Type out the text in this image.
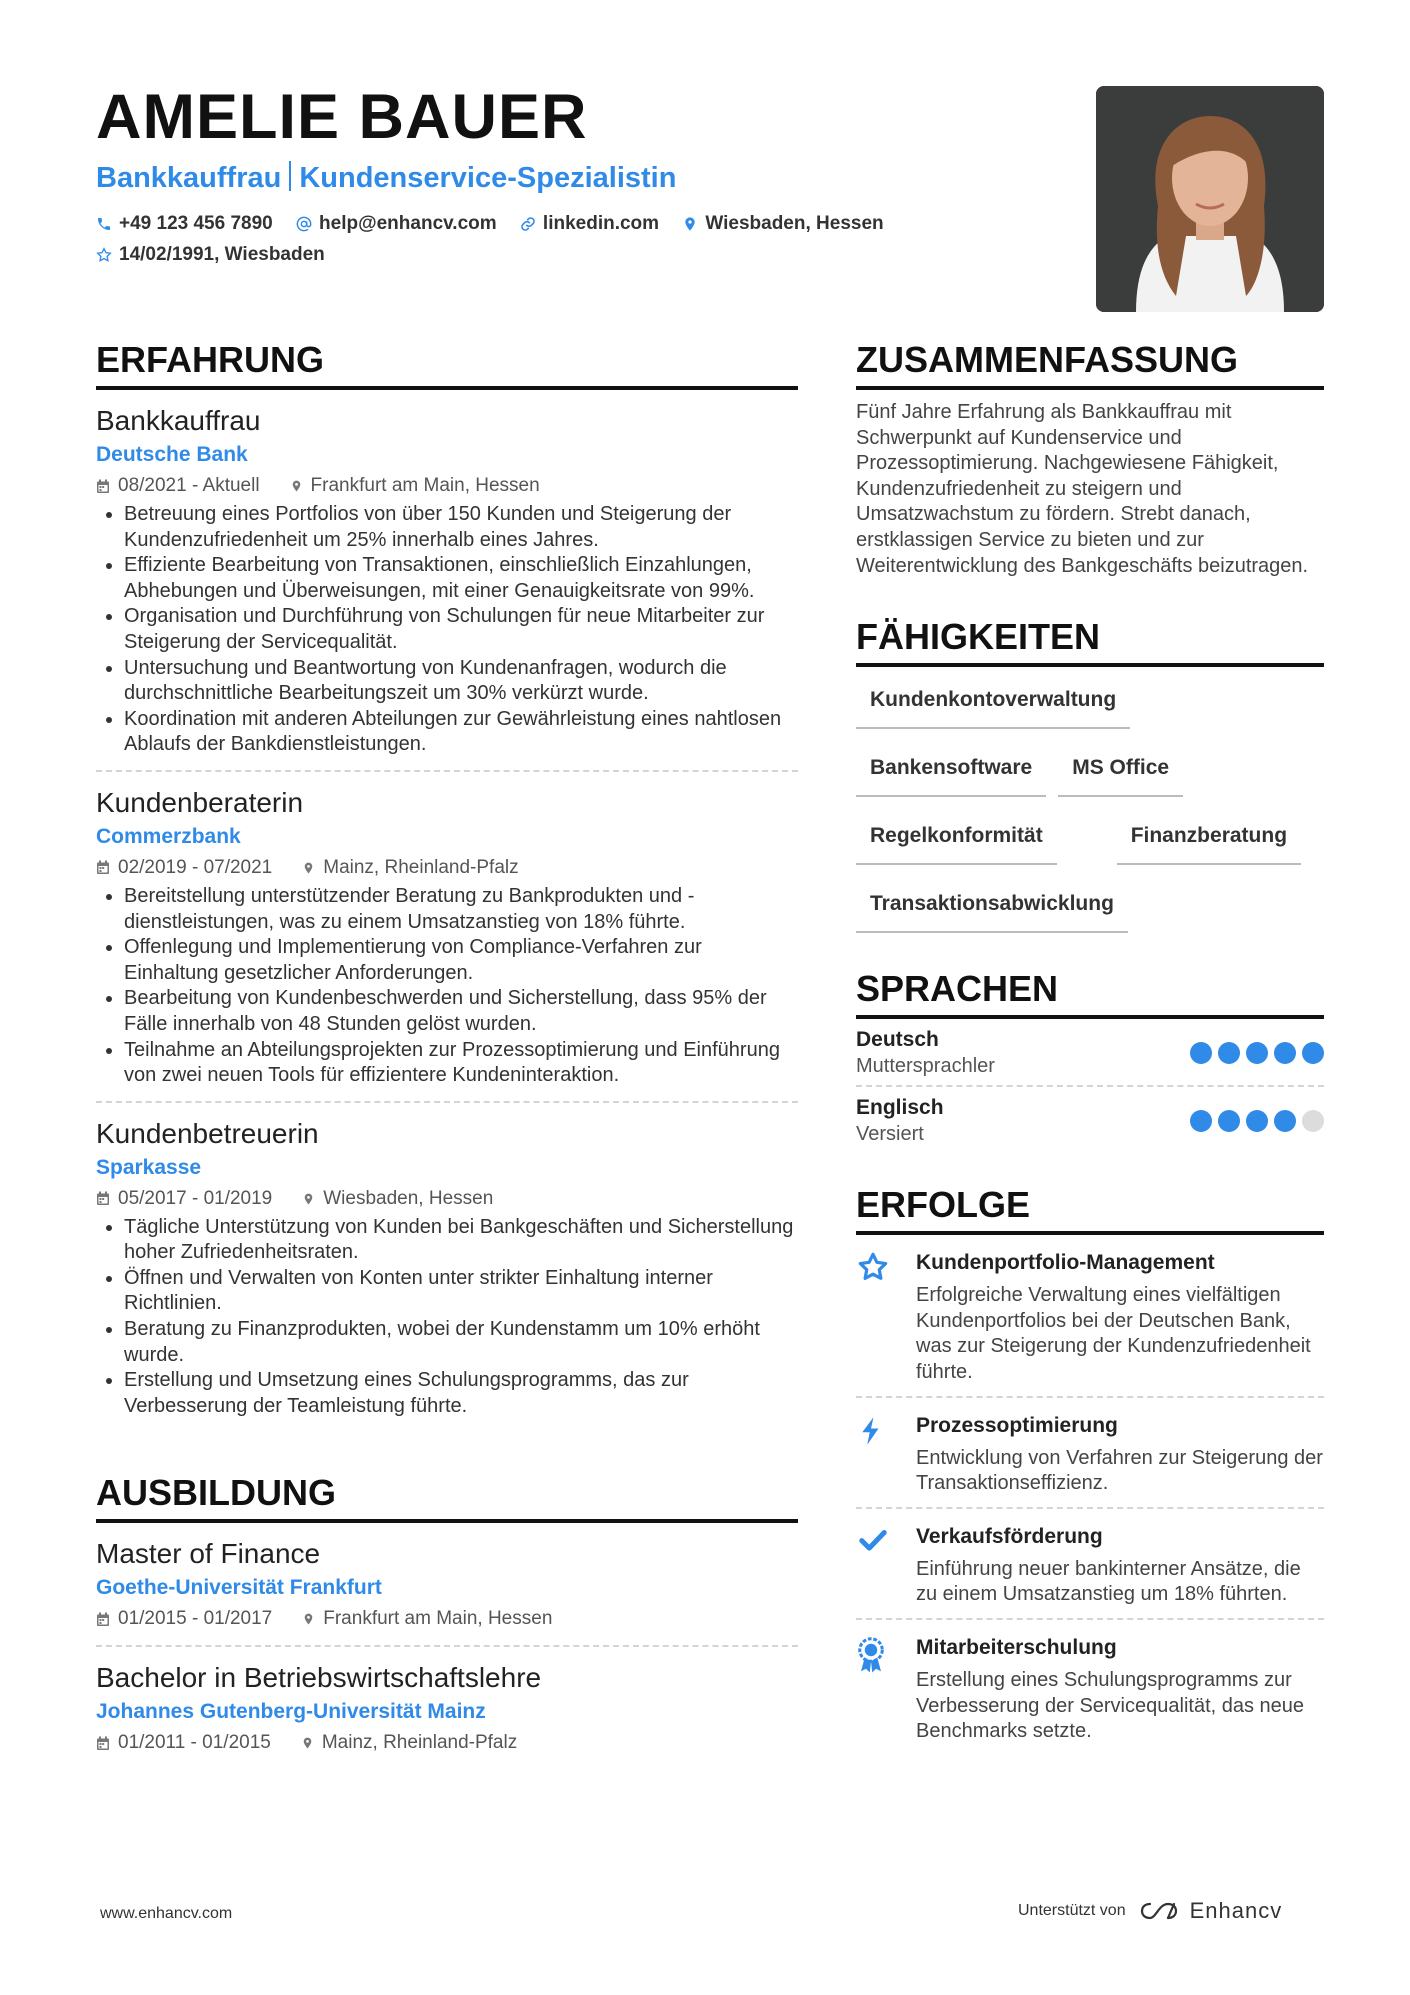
AMELIE BAUER
Bankkauffrau Kundenservice-Spezialistin
+49 123 456 7890
help@enhancv.com
linkedin.com
Wiesbaden, Hessen

14/02/1991, Wiesbaden
ERFAHRUNG
Bankkauffrau
Deutsche Bank
08/2021 - Aktuell	Frankfurt am Main, Hessen
• Betreuung eines Portfolios von über 150 Kunden und Steigerung der Kundenzufriedenheit um 25% innerhalb eines Jahres.
• Effiziente Bearbeitung von Transaktionen, einschließlich Einzahlungen, Abhebungen und Überweisungen, mit einer Genauigkeitsrate von 99%.
• Organisation und Durchführung von Schulungen für neue Mitarbeiter zur Steigerung der Servicequalität.
• Untersuchung und Beantwortung von Kundenanfragen, wodurch die durchschnittliche Bearbeitungszeit um 30% verkürzt wurde.
• Koordination mit anderen Abteilungen zur Gewährleistung eines nahtlosen Ablaufs der Bankdienstleistungen.
Kundenberaterin
Commerzbank
02/2019 - 07/2021	Mainz, Rheinland-Pfalz
• Bereitstellung unterstützender Beratung zu Bankprodukten und -dienstleistungen, was zu einem Umsatzanstieg von 18% führte.
• Offenlegung und Implementierung von Compliance-Verfahren zur Einhaltung gesetzlicher Anforderungen.
• Bearbeitung von Kundenbeschwerden und Sicherstellung, dass 95% der Fälle innerhalb von 48 Stunden gelöst wurden.
• Teilnahme an Abteilungsprojekten zur Prozessoptimierung und Einführung von zwei neuen Tools für effizientere Kundeninteraktion.
Kundenbetreuerin
Sparkasse
05/2017 - 01/2019	Wiesbaden, Hessen
• Tägliche Unterstützung von Kunden bei Bankgeschäften und Sicherstellung hoher Zufriedenheitsraten.
• Öffnen und Verwalten von Konten unter strikter Einhaltung interner Richtlinien.
• Beratung zu Finanzprodukten, wobei der Kundenstamm um 10% erhöht wurde.
• Erstellung und Umsetzung eines Schulungsprogramms, das zur Verbesserung der Teamleistung führte.
AUSBILDUNG
Master of Finance
Goethe-Universität Frankfurt
01/2015 - 01/2017	Frankfurt am Main, Hessen
Bachelor in Betriebswirtschaftslehre
Johannes Gutenberg-Universität Mainz
01/2011 - 01/2015	Mainz, Rheinland-Pfalz
ZUSAMMENFASSUNG
Fünf Jahre Erfahrung als Bankkauffrau mit Schwerpunkt auf Kundenservice und Prozessoptimierung. Nachgewiesene Fähigkeit, Kundenzufriedenheit zu steigern und Umsatzwachstum zu fördern. Strebt danach, erstklassigen Service zu bieten und zur Weiterentwicklung des Bankgeschäfts beizutragen.
FÄHIGKEITEN
Kundenkontoverwaltung
Bankensoftware	MS Office
Regelkonformität	Finanzberatung
Transaktionsabwicklung
SPRACHEN
Deutsch
Muttersprachler
Englisch
Versiert
ERFOLGE
Kundenportfolio-Management
Erfolgreiche Verwaltung eines vielfältigen Kundenportfolios bei der Deutschen Bank, was zur Steigerung der Kundenzufriedenheit führte.
Prozessoptimierung
Entwicklung von Verfahren zur Steigerung der Transaktionseffizienz.
Verkaufsförderung
Einführung neuer bankinterner Ansätze, die zu einem Umsatzanstieg um 18% führten.
Mitarbeiterschulung
Erstellung eines Schulungsprogramms zur Verbesserung der Servicequalität, das neue Benchmarks setzte.
www.enhancv.com	Unterstützt von	Enhancv
